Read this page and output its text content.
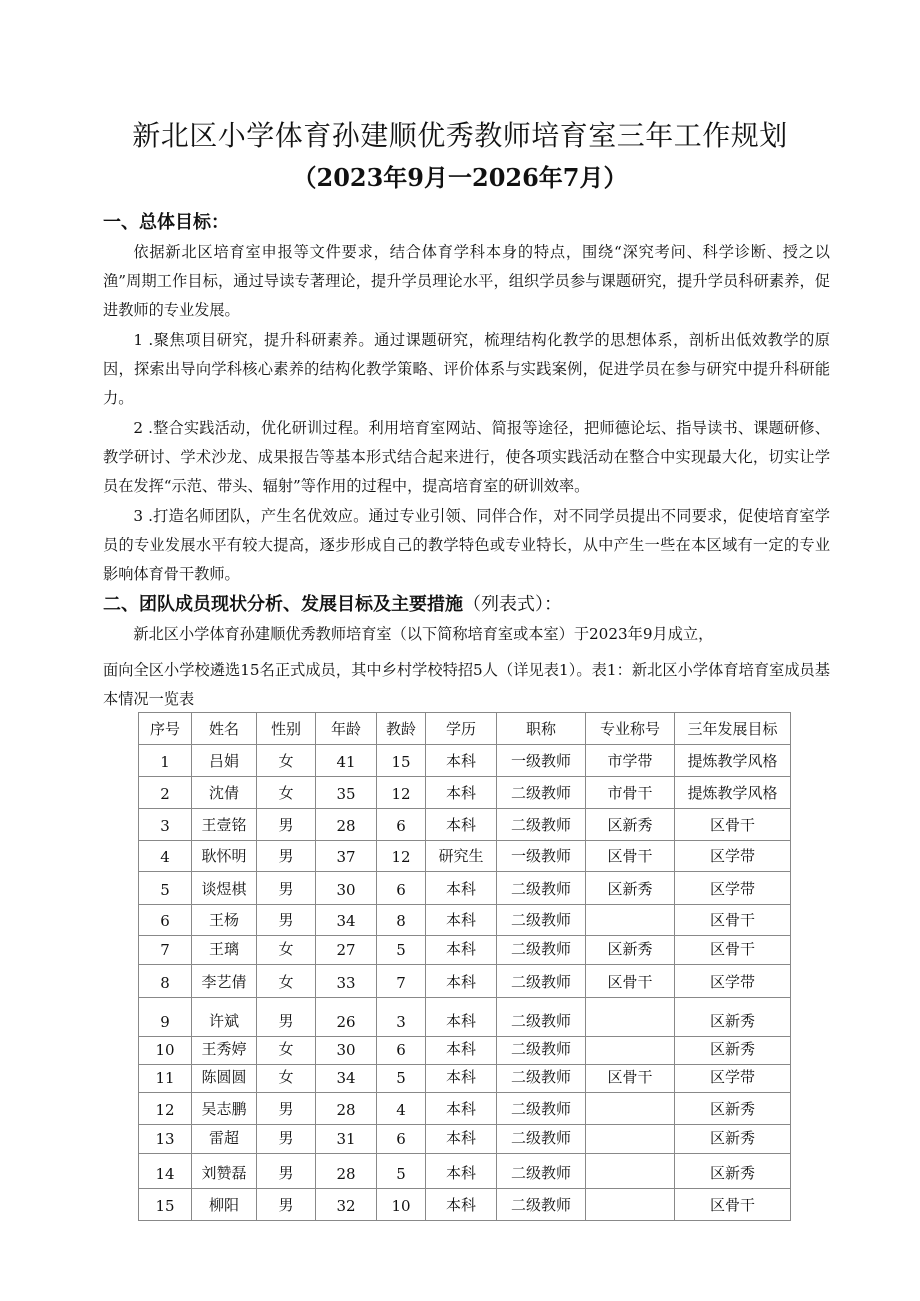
新北区小学体育孙建顺优秀教师培育室三年工作规划
（2023年9月一2026年7月）
一、总体目标：

依据新北区培育室申报等文件要求，结合体育学科本身的特点，围绕“深究考问、科学诊断、授之以渔”周期工作目标，通过导读专著理论，提升学员理论水平，组织学员参与课题研究，提升学员科研素养，促进教师的专业发展。

1 .聚焦项目研究，提升科研素养。通过课题研究，梳理结构化教学的思想体系，剖析出低效教学的原因，探索出导向学科核心素养的结构化教学策略、评价体系与实践案例，促进学员在参与研究中提升科研能力。

2 .整合实践活动，优化研训过程。利用培育室网站、简报等途径，把师德论坛、指导读书、课题研修、教学研讨、学术沙龙、成果报告等基本形式结合起来进行，使各项实践活动在整合中实现最大化，切实让学员在发挥“示范、带头、辐射”等作用的过程中，提高培育室的研训效率。

3 .打造名师团队，产生名优效应。通过专业引领、同伴合作，对不同学员提出不同要求，促使培育室学员的专业发展水平有较大提高，逐步形成自己的教学特色或专业特长，从中产生一些在本区域有一定的专业影响体育骨干教师。

二、团队成员现状分析、发展目标及主要措施（列表式）：

新北区小学体育孙建顺优秀教师培育室（以下简称培育室或本室）于2023年9月成立，

面向全区小学校遴选15名正式成员，其中乡村学校特招5人（详见表1）。表1：新北区小学体育培育室成员基本情况一览表

序号	姓名	性别	年龄	教龄	学历	职称	专业称号	三年发展目标
1	吕娟	女	41	15	本科	一级教师	市学带	提炼教学风格
2	沈倩	女	35	12	本科	二级教师	市骨干	提炼教学风格
3	王壹铭	男	28	6	本科	二级教师	区新秀	区骨干
4	耿怀明	男	37	12	研究生	一级教师	区骨干	区学带
5	谈煜棋	男	30	6	本科	二级教师	区新秀	区学带
6	王杨	男	34	8	本科	二级教师		区骨干
7	王璃	女	27	5	本科	二级教师	区新秀	区骨干
8	李艺倩	女	33	7	本科	二级教师	区骨干	区学带
9	许斌	男	26	3	本科	二级教师		区新秀
10	王秀婷	女	30	6	本科	二级教师		区新秀
11	陈圆圆	女	34	5	本科	二级教师	区骨干	区学带
12	吴志鹏	男	28	4	本科	二级教师		区新秀
13	雷超	男	31	6	本科	二级教师		区新秀
14	刘赞磊	男	28	5	本科	二级教师		区新秀
15	柳阳	男	32	10	本科	二级教师		区骨干
